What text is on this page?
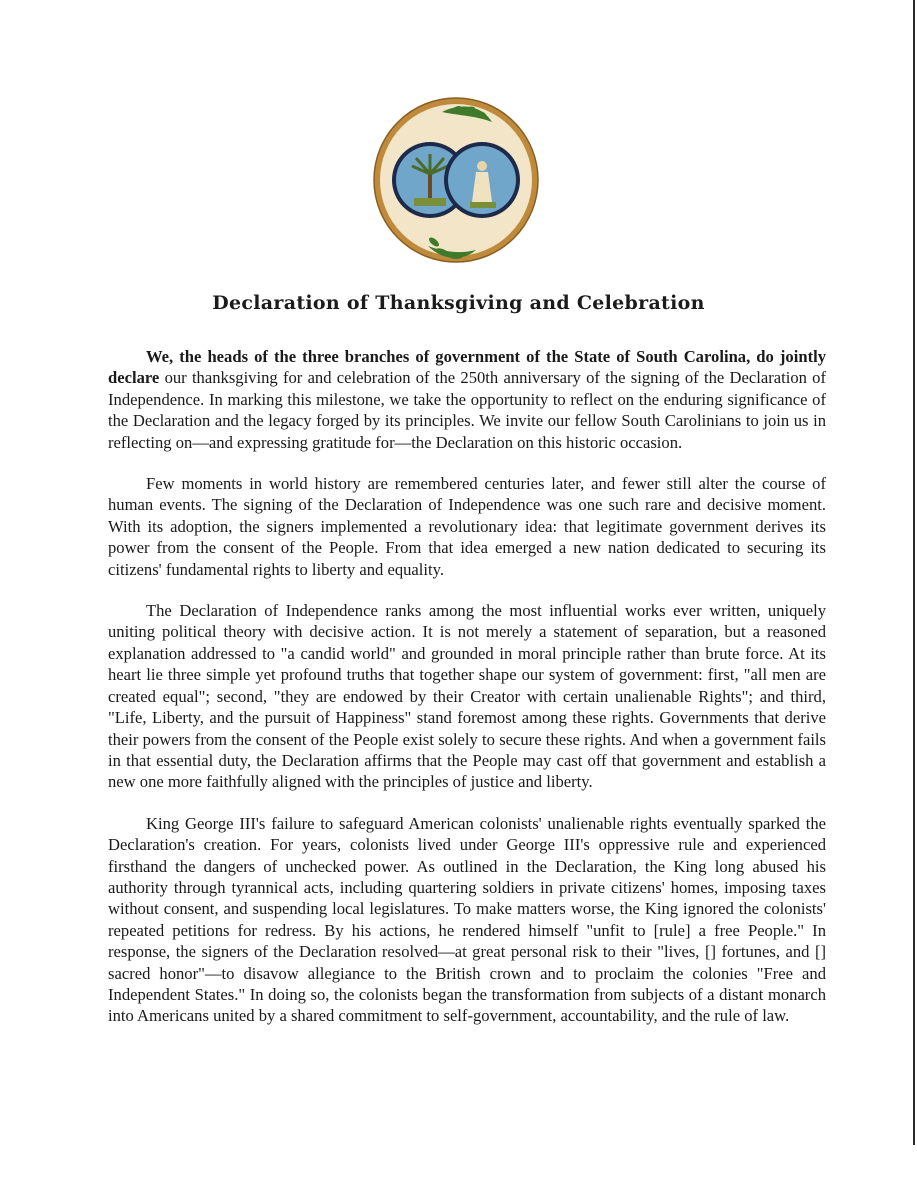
Declaration of Thanksgiving and Celebration

We, the heads of the three branches of government of the State of South Carolina, do jointly declare our thanksgiving for and celebration of the 250th anniversary of the signing of the Declaration of Independence. In marking this milestone, we take the opportunity to reflect on the enduring significance of the Declaration and the legacy forged by its principles. We invite our fellow South Carolinians to join us in reflecting on—and expressing gratitude for—the Declaration on this historic occasion.

Few moments in world history are remembered centuries later, and fewer still alter the course of human events. The signing of the Declaration of Independence was one such rare and decisive moment. With its adoption, the signers implemented a revolutionary idea: that legitimate government derives its power from the consent of the People. From that idea emerged a new nation dedicated to securing its citizens' fundamental rights to liberty and equality.

The Declaration of Independence ranks among the most influential works ever written, uniquely uniting political theory with decisive action. It is not merely a statement of separation, but a reasoned explanation addressed to "a candid world" and grounded in moral principle rather than brute force. At its heart lie three simple yet profound truths that together shape our system of government: first, "all men are created equal"; second, "they are endowed by their Creator with certain unalienable Rights"; and third, "Life, Liberty, and the pursuit of Happiness" stand foremost among these rights. Governments that derive their powers from the consent of the People exist solely to secure these rights. And when a government fails in that essential duty, the Declaration affirms that the People may cast off that government and establish a new one more faithfully aligned with the principles of justice and liberty.

King George III's failure to safeguard American colonists' unalienable rights eventually sparked the Declaration's creation. For years, colonists lived under George III's oppressive rule and experienced firsthand the dangers of unchecked power. As outlined in the Declaration, the King long abused his authority through tyrannical acts, including quartering soldiers in private citizens' homes, imposing taxes without consent, and suspending local legislatures. To make matters worse, the King ignored the colonists' repeated petitions for redress. By his actions, he rendered himself "unfit to [rule] a free People." In response, the signers of the Declaration resolved—at great personal risk to their "lives, [] fortunes, and [] sacred honor"—to disavow allegiance to the British crown and to proclaim the colonies "Free and Independent States." In doing so, the colonists began the transformation from subjects of a distant monarch into Americans united by a shared commitment to self-government, accountability, and the rule of law.
